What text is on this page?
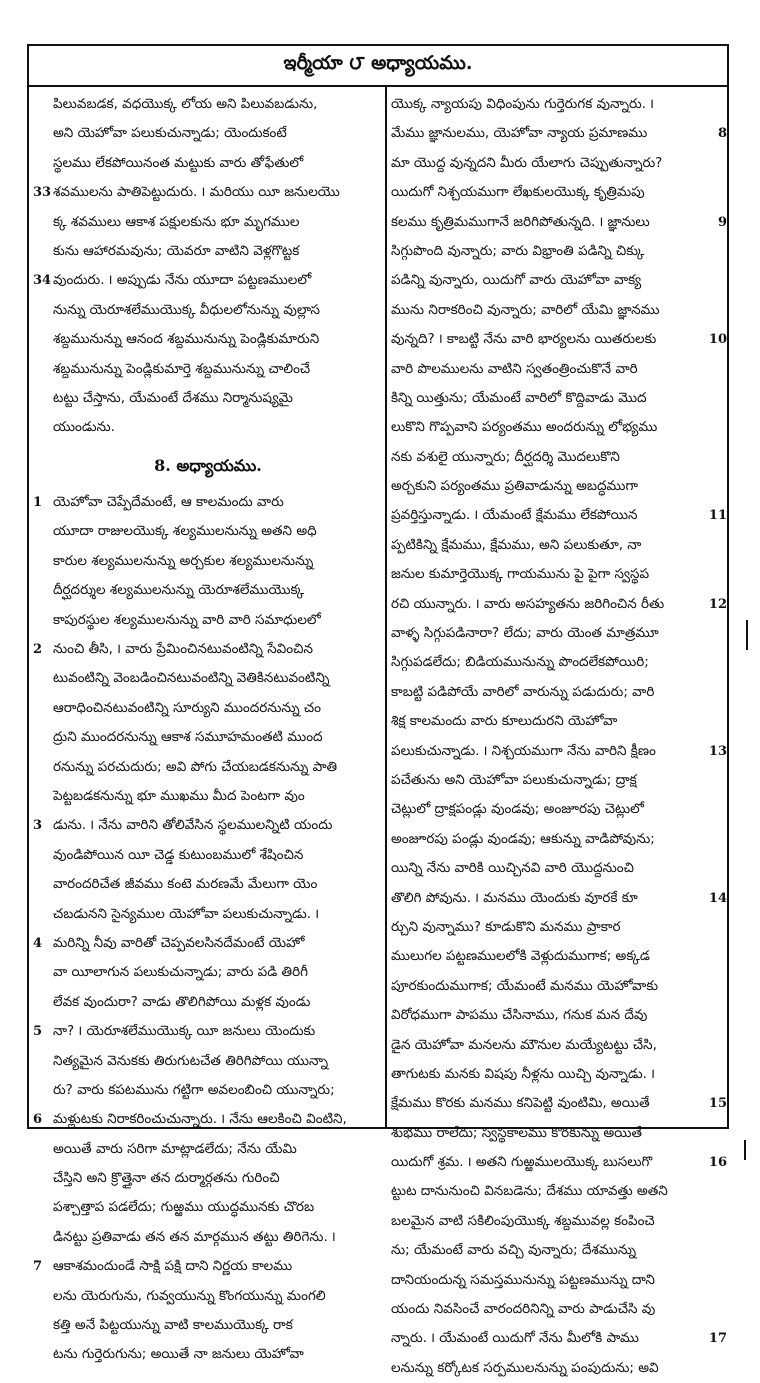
ఇర్మీయా ౮ అధ్యాయము.
పిలువబడక, వధయొక్క లోయ అని పిలువబడును,
అని యెహోవా పలుకుచున్నాడు; యెందుకంటే
స్థలము లేకపోయినంత మట్టుకు వారు తోఫేతులో
33 శవములను పాతిపెట్టుదురు. ౹ మరియు యీ జనులయొ
క్క శవములు ఆకాశ పక్షులకును భూ మృగముల
కును ఆహారమవును; యెవరూ వాటిని వెళ్లగొట్టక
34 వుందురు. ౹ అప్పుడు నేను యూదా పట్టణములలో
నున్ను యెరూశలేముయొక్క వీధులలోనున్ను వుల్లాస
శబ్దమునున్ను ఆనంద శబ్దమునున్ను పెండ్లికుమారుని
శబ్దమునున్ను పెండ్లికుమార్తె శబ్దమునున్ను చాలించే
టట్టు చేస్తాను, యేమంటే దేశము నిర్మానుష్యమై
యుండును.
8. అధ్యాయము.
1 యెహోవా చెప్పేదేమంటే, ఆ కాలమందు వారు
యూదా రాజులయొక్క శల్యములనున్ను అతని అధి
కారుల శల్యములనున్ను అర్చకుల శల్యములనున్ను
దీర్ఘదర్శుల శల్యములనున్ను యెరూశలేముయొక్క
కాపురస్థుల శల్యములనున్ను వారి వారి సమాధులలో
2 నుంచి తీసి, ౹ వారు ప్రేమించినటువంటిన్ని సేవించిన
టువంటిన్ని వెంబడించినటువంటిన్ని వెతికినటువంటిన్ని
ఆరాధించినటువంటిన్ని సూర్యుని ముందరనున్ను చం
ద్రుని ముందరనున్ను ఆకాశ సమూహమంతటి ముంద
రనున్ను పరచుదురు; అవి పోగు చేయబడకనున్ను పాతి
పెట్టబడకనున్ను భూ ముఖము మీద పెంటగా వుం
3 డును. ౹ నేను వారిని తోలివేసిన స్థలములన్నిటి యందు
వుండిపోయిన యీ చెడ్డ కుటుంబములో శేషించిన
వారందరిచేత జీవము కంటె మరణమే మేలుగా యెం
చబడునని సైన్యముల యెహోవా పలుకుచున్నాడు. ౹
4 మరిన్ని నీవు వారితో చెప్పవలసినదేమంటే యెహో
వా యీలాగున పలుకుచున్నాడు; వారు పడి తిరిగీ
లేవక వుందురా? వాడు తొలిగిపోయి మళ్లక వుండు
5 నా? ౹ యెరూశలేముయొక్క యీ జనులు యెందుకు
నిత్యమైన వెనుకకు తిరుగుటచేత తిరిగిపోయి యున్నా
రు? వారు కపటమును గట్టిగా అవలంబించి యున్నారు;
6 మళ్లుటకు నిరాకరించుచున్నారు. ౹ నేను ఆలకించి వింటిని,
అయితే వారు సరిగా మాట్లాడలేదు; నేను యేమి
చేస్తిని అని క్రొత్తైనా తన దుర్మార్గతను గురించి
పశ్చాత్తాప పడలేదు; గుఱ్ఱము యుద్ధమునకు చొరబ
డినట్టు ప్రతివాడు తన తన మార్గమున తట్టు తిరిగెను. ౹
7 ఆకాశమందుండే సాక్షి పక్షి దాని నిర్ణయ కాలము
లను యెరుగును, గువ్వయున్ను కొంగయున్ను మంగలి
కత్తి అనే పిట్టయున్ను వాటి కాలముయొక్క రాక
టను గుర్తెరుగును; అయితే నా జనులు యెహోవా
యొక్క న్యాయపు విధింపును గుర్తెరుగక వున్నారు. ౹
8
మేము జ్ఞానులము, యెహోవా న్యాయ ప్రమాణము
మా యొద్ద వున్నదని మీరు యేలాగు చెప్పుతున్నారు?
యిదుగో నిశ్చయముగా లేఖకులయొక్క కృత్రిమపు
9
కలము కృత్రిమముగానే జరిగిపోతున్నది. ౹ జ్ఞానులు
సిగ్గుపొంది వున్నారు; వారు విభ్రాంతి పడిన్ని చిక్కు
పడిన్ని వున్నారు, యిదుగో వారు యెహోవా వాక్య
మును నిరాకరించి వున్నారు; వారిలో యేమి జ్ఞానము
10
వున్నది? ౹ కాబట్టి నేను వారి భార్యలను యితరులకు
వారి పొలములను వాటిని స్వతంత్రించుకొనే వారి
కిన్ని యిత్తును; యేమంటే వారిలో కొద్దివాడు మొద
లుకొని గొప్పవాని పర్యంతము అందరున్ను లోభ్యము
నకు వశులై యున్నారు; దీర్ఘదర్శి మొదలుకొని
అర్చకుని పర్యంతము ప్రతివాడున్ను అబద్ధముగా
11
ప్రవర్తిస్తున్నాడు. ౹ యేమంటే క్షేమము లేకపోయిన
ప్పటికిన్ని క్షేమము, క్షేమము, అని పలుకుతూ, నా
జనుల కుమార్తెయొక్క గాయమును పై పైగా స్వస్థప
12
రచి యున్నారు. ౹ వారు అసహ్యతను జరిగించిన రీతు
వాళ్ళ సిగ్గుపడినారా? లేదు; వారు యెంత మాత్రమూ
సిగ్గుపడలేదు; బిడియమునున్ను పొందలేకపోయిరి;
కాబట్టి పడిపోయే వారిలో వారున్ను పడుదురు; వారి
శిక్ష కాలమందు వారు కూలుదురని యెహోవా
13
పలుకుచున్నాడు. ౹ నిశ్చయముగా నేను వారిని క్షీణం
పచేతును అని యెహోవా పలుకుచున్నాడు; ద్రాక్ష
చెట్లులో ద్రాక్షపండ్లు వుండవు; అంజూరపు చెట్లులో
అంజూరపు పండ్లు వుండవు; ఆకున్ను వాడిపోవును;
యిన్ని నేను వారికి యిచ్చినవి వారి యొద్దనుంచి
14
తొలిగి పోవును. ౹ మనము యెందుకు వూరకే కూ
ర్చుని వున్నాము? కూడుకొని మనము ప్రాకార
ములుగల పట్టణములలోకి వెళ్లుదుముగాక; అక్కడ
పూరకుందుముగాక; యేమంటే మనము యెహోవాకు
విరోధముగా పాపము చేసినాము, గనుక మన దేవు
డైన యెహోవా మనలను మౌనుల మయ్యేటట్టు చేసి,
తాగుటకు మనకు విషపు నీళ్లను యిచ్చి వున్నాడు. ౹
15
క్షేమము కొరకు మనము కనిపెట్టి వుంటిమి, అయితే
శుభము రాలేదు; స్వస్థకాలము కొరకున్ను అయితే
16
యిదుగో శ్రమ. ౹ అతని గుఱ్ఱములయొక్క బుసలుగొ
ట్టుట దానునుంచి వినబడెను; దేశము యావత్తు అతని
బలమైన వాటి సకిలింపుయొక్క శబ్దమువల్ల కంపించె
ను; యేమంటే వారు వచ్చి వున్నారు; దేశమున్ను
దానియందున్న సమస్తమునున్ను పట్టణమున్ను దాని
యందు నివసించే వారందరినిన్ని వారు పాడుచేసి వు
17
న్నారు. ౹ యేమంటే యిదుగో నేను మీలోకి పాము
లనున్ను కర్కోటక సర్పములనున్ను పంపుదును; అవి
